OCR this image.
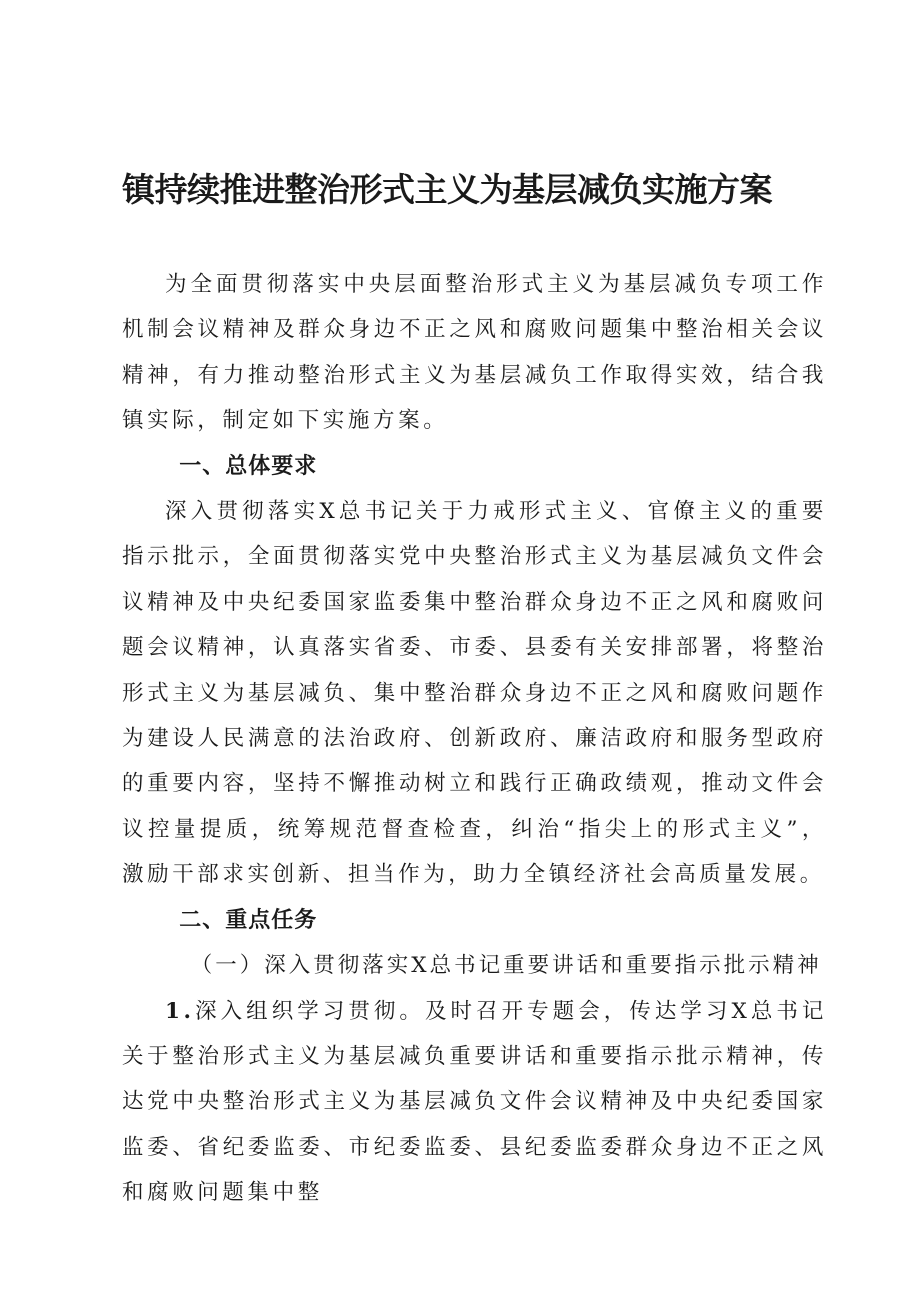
镇持续推进整治形式主义为基层减负实施方案

为全面贯彻落实中央层面整治形式主义为基层减负专项工作机制会议精神及群众身边不正之风和腐败问题集中整治相关会议精神，有力推动整治形式主义为基层减负工作取得实效，结合我镇实际，制定如下实施方案。

一、总体要求

深入贯彻落实X总书记关于力戒形式主义、官僚主义的重要指示批示，全面贯彻落实党中央整治形式主义为基层减负文件会议精神及中央纪委国家监委集中整治群众身边不正之风和腐败问题会议精神，认真落实省委、市委、县委有关安排部署，将整治形式主义为基层减负、集中整治群众身边不正之风和腐败问题作为建设人民满意的法治政府、创新政府、廉洁政府和服务型政府的重要内容，坚持不懈推动树立和践行正确政绩观，推动文件会议控量提质，统筹规范督查检查，纠治“指尖上的形式主义”，激励干部求实创新、担当作为，助力全镇经济社会高质量发展。

二、重点任务

（一）深入贯彻落实X总书记重要讲话和重要指示批示精神

1.深入组织学习贯彻。及时召开专题会，传达学习X总书记关于整治形式主义为基层减负重要讲话和重要指示批示精神，传达党中央整治形式主义为基层减负文件会议精神及中央纪委国家监委、省纪委监委、市纪委监委、县纪委监委群众身边不正之风和腐败问题集中整
